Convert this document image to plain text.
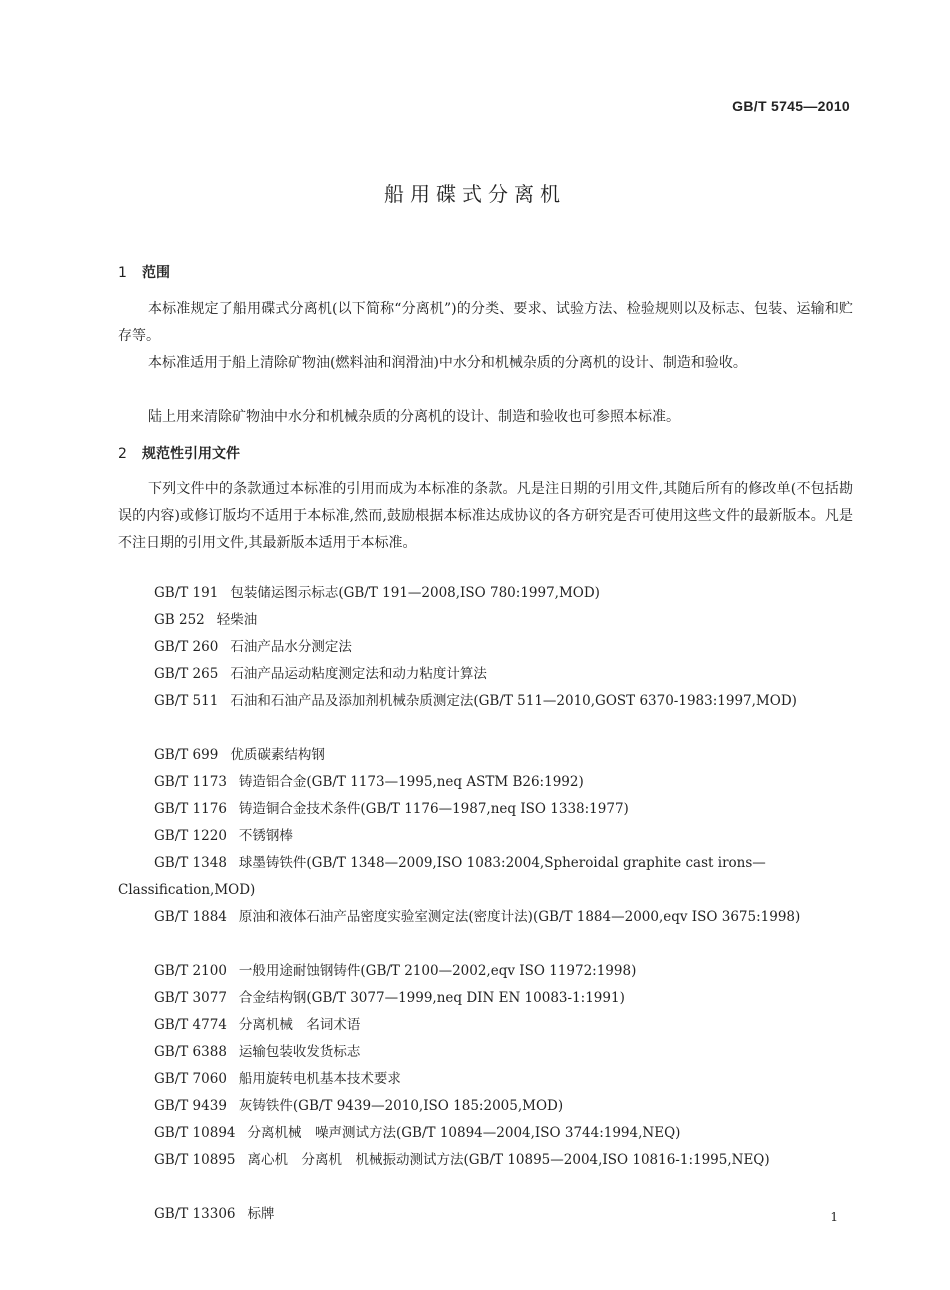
GB/T 5745—2010
船用碟式分离机
1 范围

本标准规定了船用碟式分离机(以下简称“分离机”)的分类、要求、试验方法、检验规则以及标志、包装、运输和贮存等。

本标准适用于船上清除矿物油(燃料油和润滑油)中水分和机械杂质的分离机的设计、制造和验收。

陆上用来清除矿物油中水分和机械杂质的分离机的设计、制造和验收也可参照本标准。

2 规范性引用文件

下列文件中的条款通过本标准的引用而成为本标准的条款。凡是注日期的引用文件,其随后所有的修改单(不包括勘误的内容)或修订版均不适用于本标准,然而,鼓励根据本标准达成协议的各方研究是否可使用这些文件的最新版本。凡是不注日期的引用文件,其最新版本适用于本标准。

GB/T 191 包装储运图示标志(GB/T 191—2008,ISO 780:1997,MOD)

GB 252 轻柴油

GB/T 260 石油产品水分测定法

GB/T 265 石油产品运动粘度测定法和动力粘度计算法

GB/T 511 石油和石油产品及添加剂机械杂质测定法(GB/T 511—2010,GOST 6370-1983:1997,MOD)

GB/T 699 优质碳素结构钢

GB/T 1173 铸造铝合金(GB/T 1173—1995,neq ASTM B26:1992)

GB/T 1176 铸造铜合金技术条件(GB/T 1176—1987,neq ISO 1338:1977)

GB/T 1220 不锈钢棒

GB/T 1348 球墨铸铁件(GB/T 1348—2009,ISO 1083:2004,Spheroidal graphite cast irons—Classification,MOD)

GB/T 1884 原油和液体石油产品密度实验室测定法(密度计法)(GB/T 1884—2000,eqv ISO 3675:1998)

GB/T 2100 一般用途耐蚀钢铸件(GB/T 2100—2002,eqv ISO 11972:1998)

GB/T 3077 合金结构钢(GB/T 3077—1999,neq DIN EN 10083-1:1991)

GB/T 4774 分离机械　名词术语

GB/T 6388 运输包装收发货标志

GB/T 7060 船用旋转电机基本技术要求

GB/T 9439 灰铸铁件(GB/T 9439—2010,ISO 185:2005,MOD)

GB/T 10894 分离机械　噪声测试方法(GB/T 10894—2004,ISO 3744:1994,NEQ)

GB/T 10895 离心机　分离机　机械振动测试方法(GB/T 10895—2004,ISO 10816-1:1995,NEQ)

GB/T 13306 标牌	1
